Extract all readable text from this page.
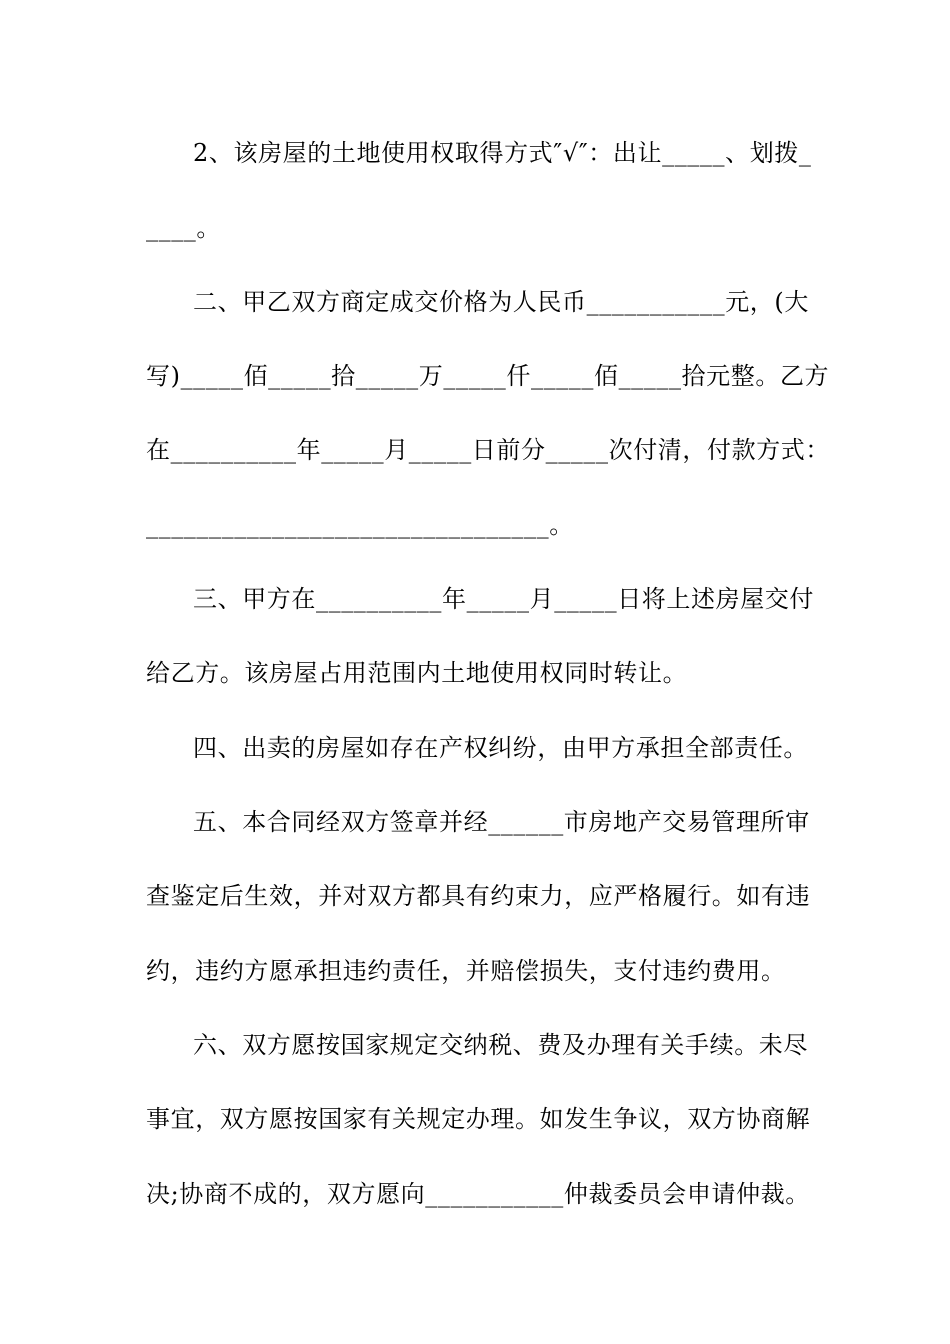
2、该房屋的土地使用权取得方式″√″：出让_____、划拨_
____。
二、甲乙双方商定成交价格为人民币___________元，(大
写)_____佰_____拾_____万_____仟_____佰_____拾元整。乙方
在__________年_____月_____日前分_____次付清，付款方式：
________________________________。
三、甲方在__________年_____月_____日将上述房屋交付
给乙方。该房屋占用范围内土地使用权同时转让。
四、出卖的房屋如存在产权纠纷，由甲方承担全部责任。
五、本合同经双方签章并经______市房地产交易管理所审
查鉴定后生效，并对双方都具有约束力，应严格履行。如有违
约，违约方愿承担违约责任，并赔偿损失，支付违约费用。
六、双方愿按国家规定交纳税、费及办理有关手续。未尽
事宜，双方愿按国家有关规定办理。如发生争议，双方协商解
决;协商不成的，双方愿向___________仲裁委员会申请仲裁。
